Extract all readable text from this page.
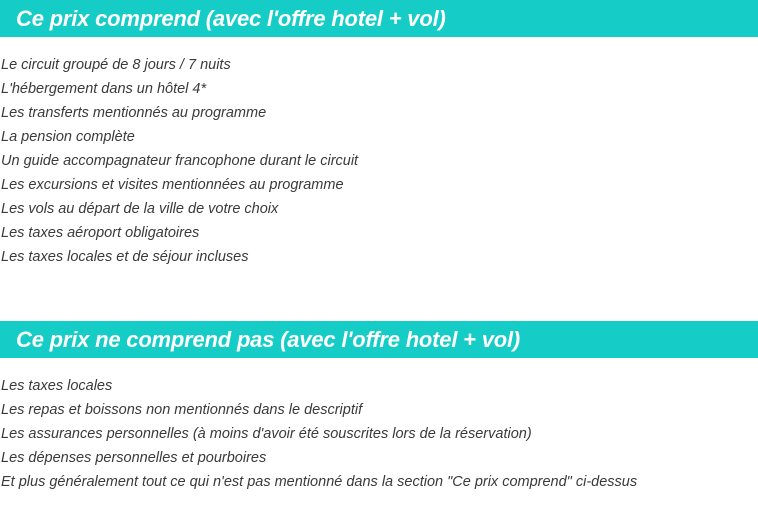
Ce prix comprend (avec l'offre hotel + vol)
Le circuit groupé de 8 jours / 7 nuits
L'hébergement dans un hôtel 4*
Les transferts mentionnés au programme
La pension complète
Un guide accompagnateur francophone durant le circuit
Les excursions et visites mentionnées au programme
Les vols au départ de la ville de votre choix
Les taxes aéroport obligatoires
Les taxes locales et de séjour incluses
Ce prix ne comprend pas (avec l'offre hotel + vol)
Les taxes locales
Les repas et boissons non mentionnés dans le descriptif
Les assurances personnelles (à moins d'avoir été souscrites lors de la réservation)
Les dépenses personnelles et pourboires
Et plus généralement tout ce qui n'est pas mentionné dans la section "Ce prix comprend" ci-dessus
